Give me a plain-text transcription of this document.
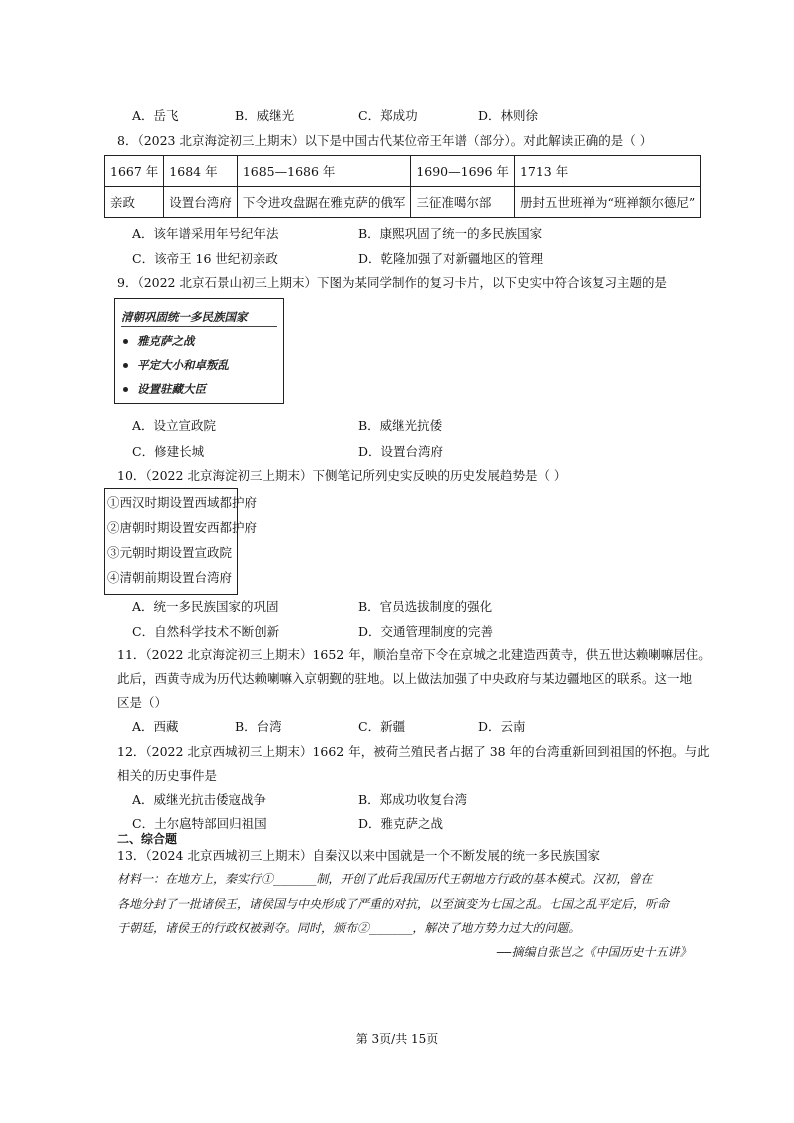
A．岳飞	B．威继光	C．郑成功	D．林则徐
8．（2023 北京海淀初三上期末）以下是中国古代某位帝王年谱（部分）。对此解读正确的是（ ）
1667 年	1684 年	1685—1686 年	1690—1696 年	1713 年
亲政	设置台湾府	下令进攻盘踞在雅克萨的俄军	三征准噶尔部	册封五世班禅为“班禅额尔德尼”
A．该年谱采用年号纪年法	B．康熙巩固了统一的多民族国家
C．该帝王 16 世纪初亲政	D．乾隆加强了对新疆地区的管理
9．（2022 北京石景山初三上期末）下图为某同学制作的复习卡片，以下史实中符合该复习主题的是
清朝巩固统一多民族国家
雅克萨之战
平定大小和卓叛乱
设置驻藏大臣
A．设立宣政院	B．威继光抗倭
C．修建长城	D．设置台湾府
10．（2022 北京海淀初三上期末）下侧笔记所列史实反映的历史发展趋势是（ ）
①西汉时期设置西域都护府
②唐朝时期设置安西都护府
③元朝时期设置宣政院
④清朝前期设置台湾府
A．统一多民族国家的巩固	B．官员选拔制度的强化
C．自然科学技术不断创新	D．交通管理制度的完善
11．（2022 北京海淀初三上期末）1652 年，顺治皇帝下令在京城之北建造西黄寺，供五世达赖喇嘛居住。
此后，西黄寺成为历代达赖喇嘛入京朝觐的驻地。以上做法加强了中央政府与某边疆地区的联系。这一地
区是（）
A．西藏	B．台湾	C．新疆	D．云南
12．（2022 北京西城初三上期末）1662 年，被荷兰殖民者占据了 38 年的台湾重新回到祖国的怀抱。与此
相关的历史事件是
A．威继光抗击倭寇战争	B．郑成功收复台湾
C．土尔扈特部回归祖国	D．雅克萨之战
二、综合题
13．（2024 北京西城初三上期末）自秦汉以来中国就是一个不断发展的统一多民族国家
材料一：在地方上，秦实行①______制，开创了此后我国历代王朝地方行政的基本模式。汉初，曾在
各地分封了一批诸侯王，诸侯国与中央形成了严重的对抗，以至演变为七国之乱。七国之乱平定后，听命
于朝廷，诸侯王的行政权被剥夺。同时，颁布②______，解决了地方势力过大的问题。
——摘编自张岂之《中国历史十五讲》
第 3页/共 15页
